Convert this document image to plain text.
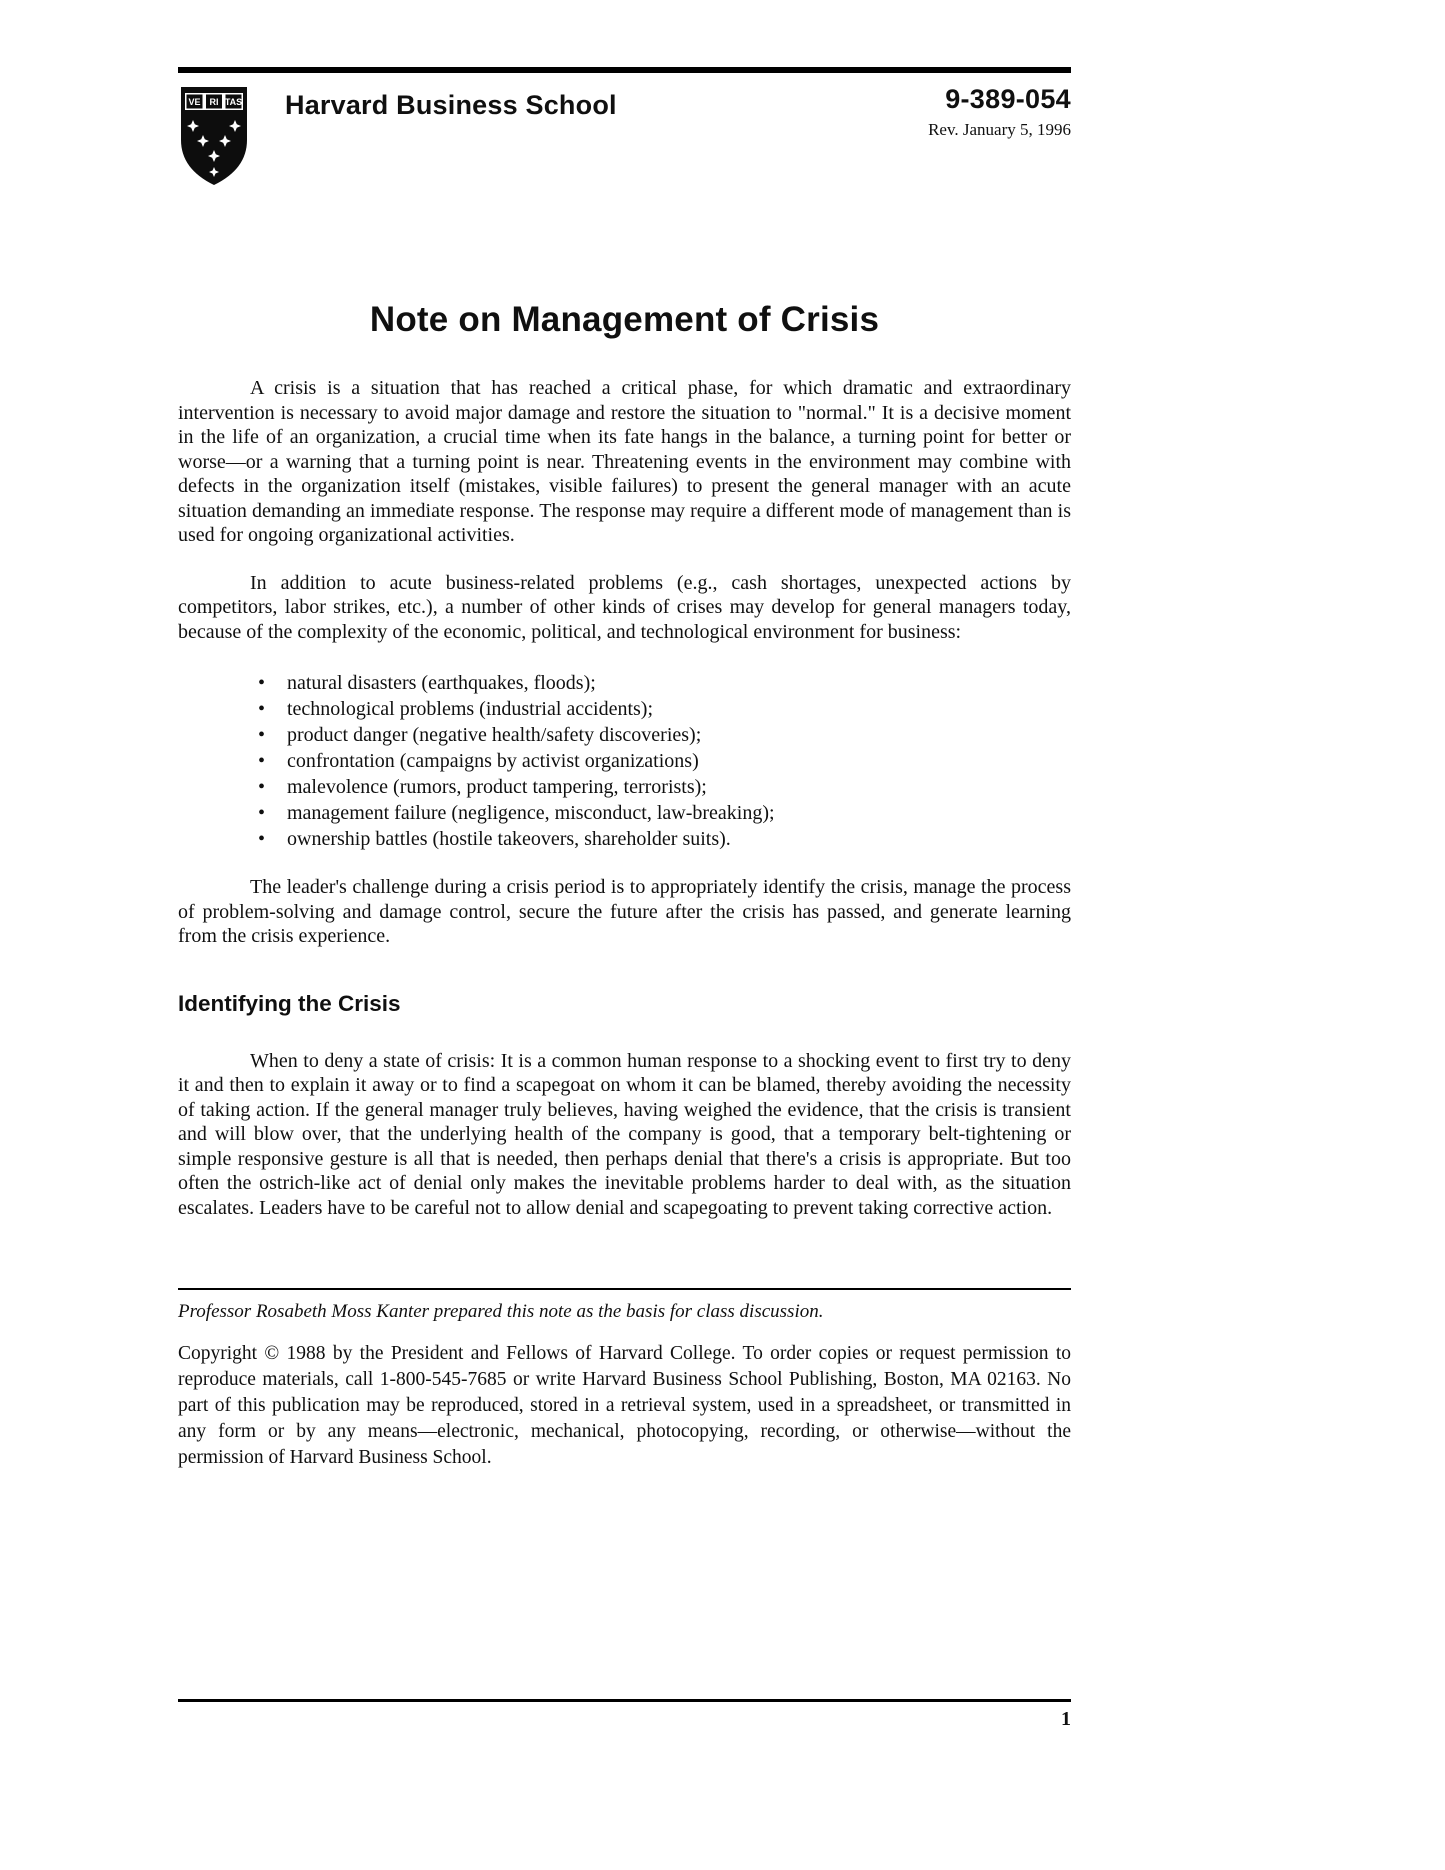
VE RI TAS Harvard Business School	9-389-054
Rev. January 5, 1996
Note on Management of Crisis

A crisis is a situation that has reached a critical phase, for which dramatic and extraordinary intervention is necessary to avoid major damage and restore the situation to "normal." It is a decisive moment in the life of an organization, a crucial time when its fate hangs in the balance, a turning point for better or worse—or a warning that a turning point is near. Threatening events in the environment may combine with defects in the organization itself (mistakes, visible failures) to present the general manager with an acute situation demanding an immediate response. The response may require a different mode of management than is used for ongoing organizational activities.

In addition to acute business-related problems (e.g., cash shortages, unexpected actions by competitors, labor strikes, etc.), a number of other kinds of crises may develop for general managers today, because of the complexity of the economic, political, and technological environment for business:

• natural disasters (earthquakes, floods);
• technological problems (industrial accidents);
• product danger (negative health/safety discoveries);
• confrontation (campaigns by activist organizations)
• malevolence (rumors, product tampering, terrorists);
• management failure (negligence, misconduct, law-breaking);
• ownership battles (hostile takeovers, shareholder suits).

The leader's challenge during a crisis period is to appropriately identify the crisis, manage the process of problem-solving and damage control, secure the future after the crisis has passed, and generate learning from the crisis experience.

Identifying the Crisis

When to deny a state of crisis: It is a common human response to a shocking event to first try to deny it and then to explain it away or to find a scapegoat on whom it can be blamed, thereby avoiding the necessity of taking action. If the general manager truly believes, having weighed the evidence, that the crisis is transient and will blow over, that the underlying health of the company is good, that a temporary belt-tightening or simple responsive gesture is all that is needed, then perhaps denial that there's a crisis is appropriate. But too often the ostrich-like act of denial only makes the inevitable problems harder to deal with, as the situation escalates. Leaders have to be careful not to allow denial and scapegoating to prevent taking corrective action.

Professor Rosabeth Moss Kanter prepared this note as the basis for class discussion.

Copyright © 1988 by the President and Fellows of Harvard College. To order copies or request permission to reproduce materials, call 1-800-545-7685 or write Harvard Business School Publishing, Boston, MA 02163. No part of this publication may be reproduced, stored in a retrieval system, used in a spreadsheet, or transmitted in any form or by any means—electronic, mechanical, photocopying, recording, or otherwise—without the permission of Harvard Business School.

1
